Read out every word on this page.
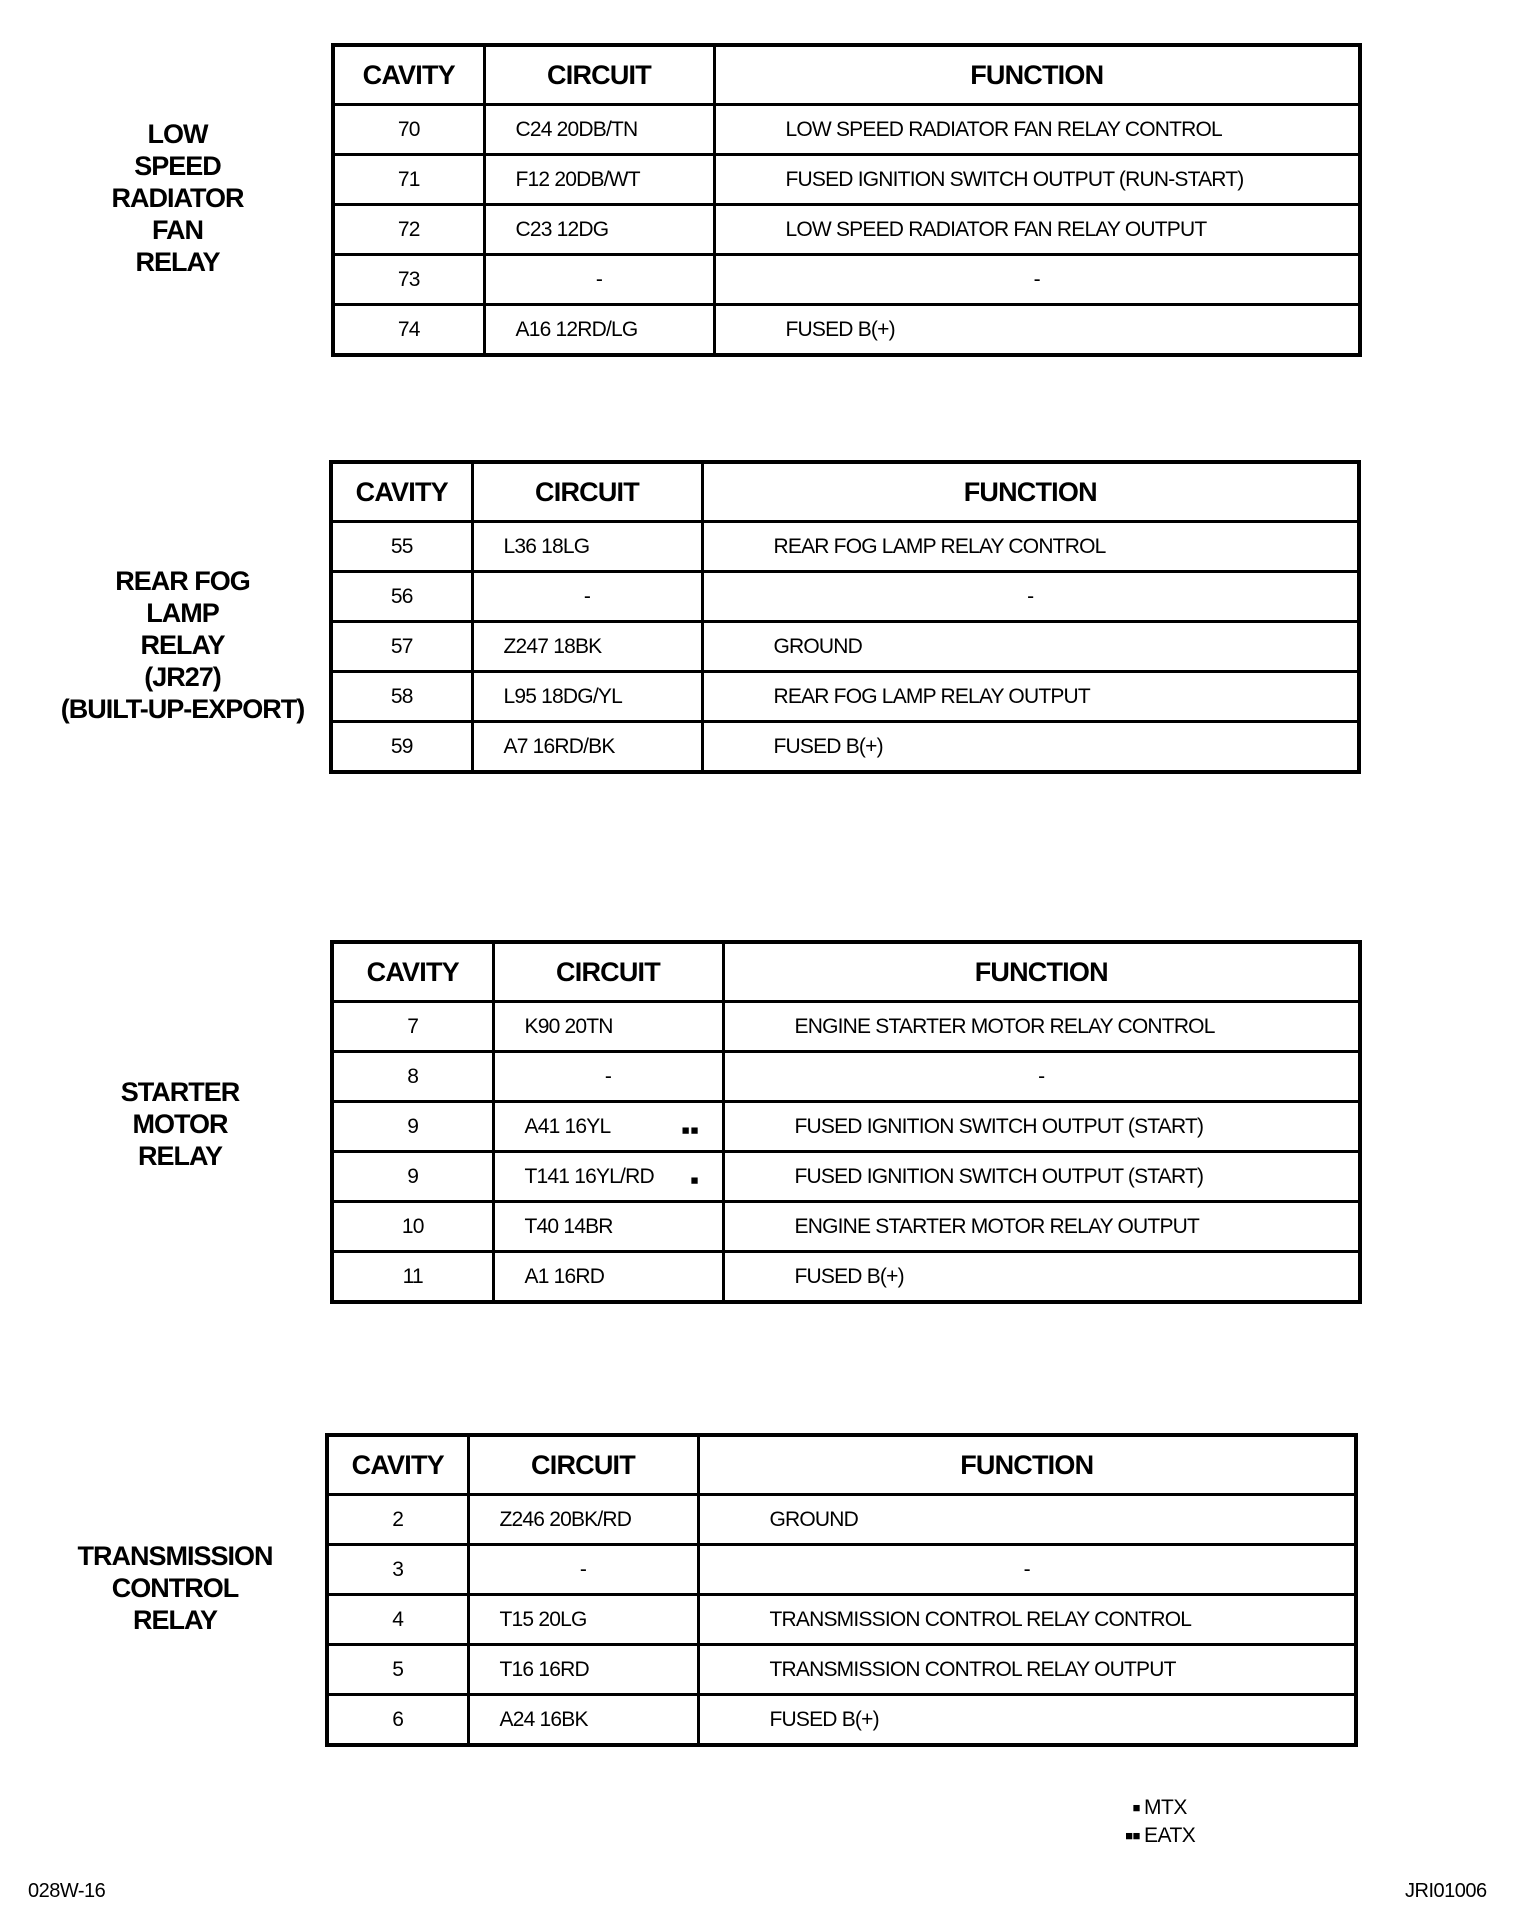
LOW
SPEED
RADIATOR
FAN
RELAY
CAVITY	CIRCUIT	FUNCTION
70	C24 20DB/TN	LOW SPEED RADIATOR FAN RELAY CONTROL
71	F12 20DB/WT	FUSED IGNITION SWITCH OUTPUT (RUN-START)
72	C23 12DG	LOW SPEED RADIATOR FAN RELAY OUTPUT
73	-	-
74	A16 12RD/LG	FUSED B(+)
REAR FOG
LAMP
RELAY
(JR27)
(BUILT-UP-EXPORT)
CAVITY	CIRCUIT	FUNCTION
55	L36 18LG	REAR FOG LAMP RELAY CONTROL
56	-	-
57	Z247 18BK	GROUND
58	L95 18DG/YL	REAR FOG LAMP RELAY OUTPUT
59	A7 16RD/BK	FUSED B(+)
STARTER
MOTOR
RELAY
CAVITY	CIRCUIT	FUNCTION
7	K90 20TN	ENGINE STARTER MOTOR RELAY CONTROL
8	-	-
9	A41 16YL ■■	FUSED IGNITION SWITCH OUTPUT (START)
9	T141 16YL/RD ■	FUSED IGNITION SWITCH OUTPUT (START)
10	T40 14BR	ENGINE STARTER MOTOR RELAY OUTPUT
11	A1 16RD	FUSED B(+)
TRANSMISSION
CONTROL
RELAY
CAVITY	CIRCUIT	FUNCTION
2	Z246 20BK/RD	GROUND
3	-	-
4	T15 20LG	TRANSMISSION CONTROL RELAY CONTROL
5	T16 16RD	TRANSMISSION CONTROL RELAY OUTPUT
6	A24 16BK	FUSED B(+)
■ MTX
■■ EATX
028W-16	JRI01006
